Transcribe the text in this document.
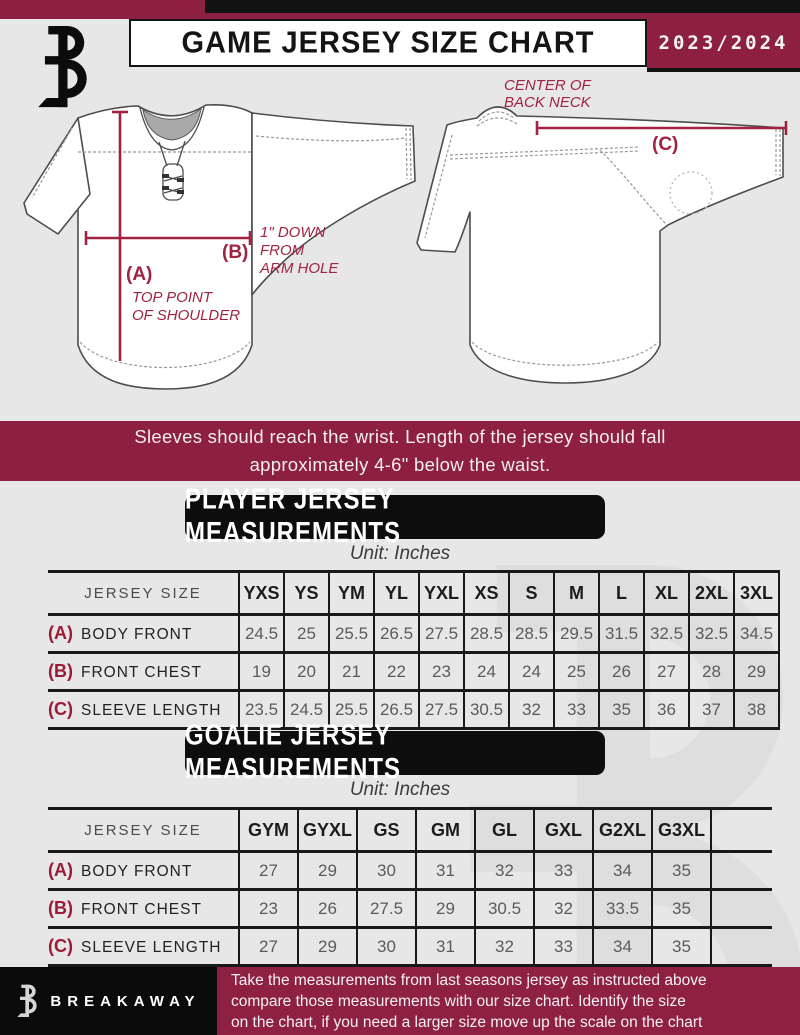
GAME JERSEY SIZE CHART	2023/2024
(B)
1" DOWN
FROM
ARM HOLE
(A)
TOP POINT
OF SHOULDER
(C)
CENTER OF
BACK NECK
Sleeves should reach the wrist. Length of the jersey should fall
approximately 4-6" below the waist.
PLAYER JERSEY MEASUREMENTS
Unit: Inches
JERSEY SIZE	YXS	YS	YM	YL	YXL	XS	S	M	L	XL	2XL	3XL
(A) BODY FRONT	24.5	25	25.5	26.5	27.5	28.5	28.5	29.5	31.5	32.5	32.5	34.5
(B) FRONT CHEST	19	20	21	22	23	24	24	25	26	27	28	29
(C) SLEEVE LENGTH	23.5	24.5	25.5	26.5	27.5	30.5	32	33	35	36	37	38
GOALIE JERSEY MEASUREMENTS
Unit: Inches
JERSEY SIZE	GYM	GYXL	GS	GM	GL	GXL	G2XL	G3XL	
(A) BODY FRONT	27	29	30	31	32	33	34	35	
(B) FRONT CHEST	23	26	27.5	29	30.5	32	33.5	35	
(C) SLEEVE LENGTH	27	29	30	31	32	33	34	35	
BREAKAWAY
Take the measurements from last seasons jersey as instructed above
compare those measurements with our size chart. Identify the size
on the chart, if you need a larger size move up the scale on the chart
